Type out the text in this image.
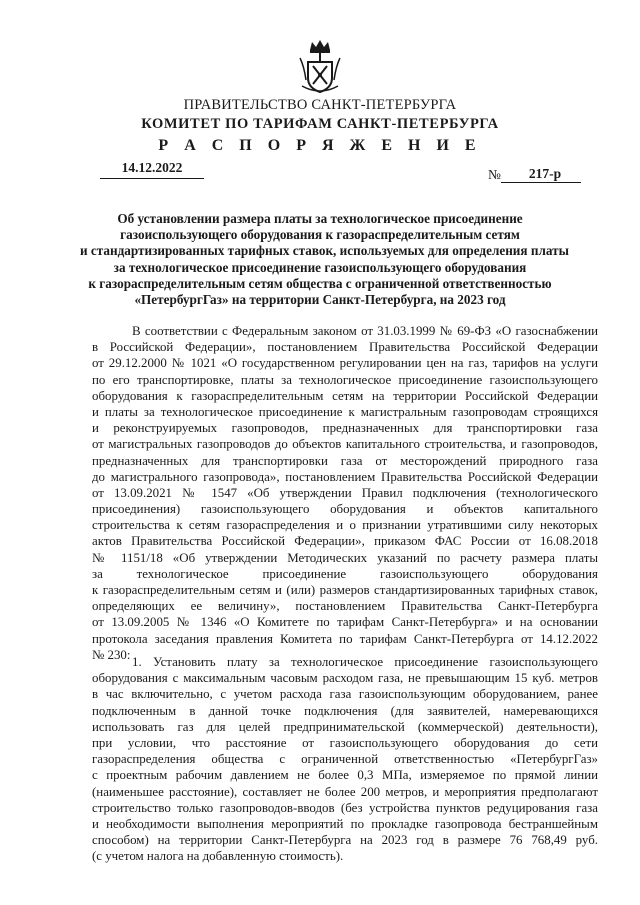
ПРАВИТЕЛЬСТВО САНКТ-ПЕТЕРБУРГА
КОМИТЕТ ПО ТАРИФАМ САНКТ-ПЕТЕРБУРГА
Р А С П О Р Я Ж Е Н И Е
14.12.2022	№ 217-р
Об установлении размера платы за технологическое присоединение
газоиспользующего оборудования к газораспределительным сетям
и стандартизированных тарифных ставок, используемых для определения платы
за технологическое присоединение газоиспользующего оборудования
к газораспределительным сетям общества с ограниченной ответственностью
«ПетербургГаз» на территории Санкт-Петербурга, на 2023 год
В соответствии с Федеральным законом от 31.03.1999 № 69-ФЗ «О газоснабжении
в Российской Федерации», постановлением Правительства Российской Федерации
от 29.12.2000 № 1021 «О государственном регулировании цен на газ, тарифов на услуги
по его транспортировке, платы за технологическое присоединение газоиспользующего
оборудования к газораспределительным сетям на территории Российской Федерации
и платы за технологическое присоединение к магистральным газопроводам строящихся
и реконструируемых газопроводов, предназначенных для транспортировки газа
от магистральных газопроводов до объектов капитального строительства, и газопроводов,
предназначенных для транспортировки газа от месторождений природного газа
до магистрального газопровода», постановлением Правительства Российской Федерации
от 13.09.2021 № 1547 «Об утверждении Правил подключения (технологического
присоединения) газоиспользующего оборудования и объектов капитального
строительства к сетям газораспределения и о признании утратившими силу некоторых
актов Правительства Российской Федерации», приказом ФАС России от 16.08.2018
№ 1151/18 «Об утверждении Методических указаний по расчету размера платы
за технологическое присоединение газоиспользующего оборудования
к газораспределительным сетям и (или) размеров стандартизированных тарифных ставок,
определяющих ее величину», постановлением Правительства Санкт-Петербурга
от 13.09.2005 № 1346 «О Комитете по тарифам Санкт-Петербурга» и на основании
протокола заседания правления Комитета по тарифам Санкт-Петербурга от 14.12.2022
№ 230:
1. Установить плату за технологическое присоединение газоиспользующего
оборудования с максимальным часовым расходом газа, не превышающим 15 куб. метров
в час включительно, с учетом расхода газа газоиспользующим оборудованием, ранее
подключенным в данной точке подключения (для заявителей, намеревающихся
использовать газ для целей предпринимательской (коммерческой) деятельности),
при условии, что расстояние от газоиспользующего оборудования до сети
газораспределения общества с ограниченной ответственностью «ПетербургГаз»
с проектным рабочим давлением не более 0,3 МПа, измеряемое по прямой линии
(наименьшее расстояние), составляет не более 200 метров, и мероприятия предполагают
строительство только газопроводов-вводов (без устройства пунктов редуцирования газа
и необходимости выполнения мероприятий по прокладке газопровода бестраншейным
способом) на территории Санкт-Петербурга на 2023 год в размере 76 768,49 руб.
(с учетом налога на добавленную стоимость).
